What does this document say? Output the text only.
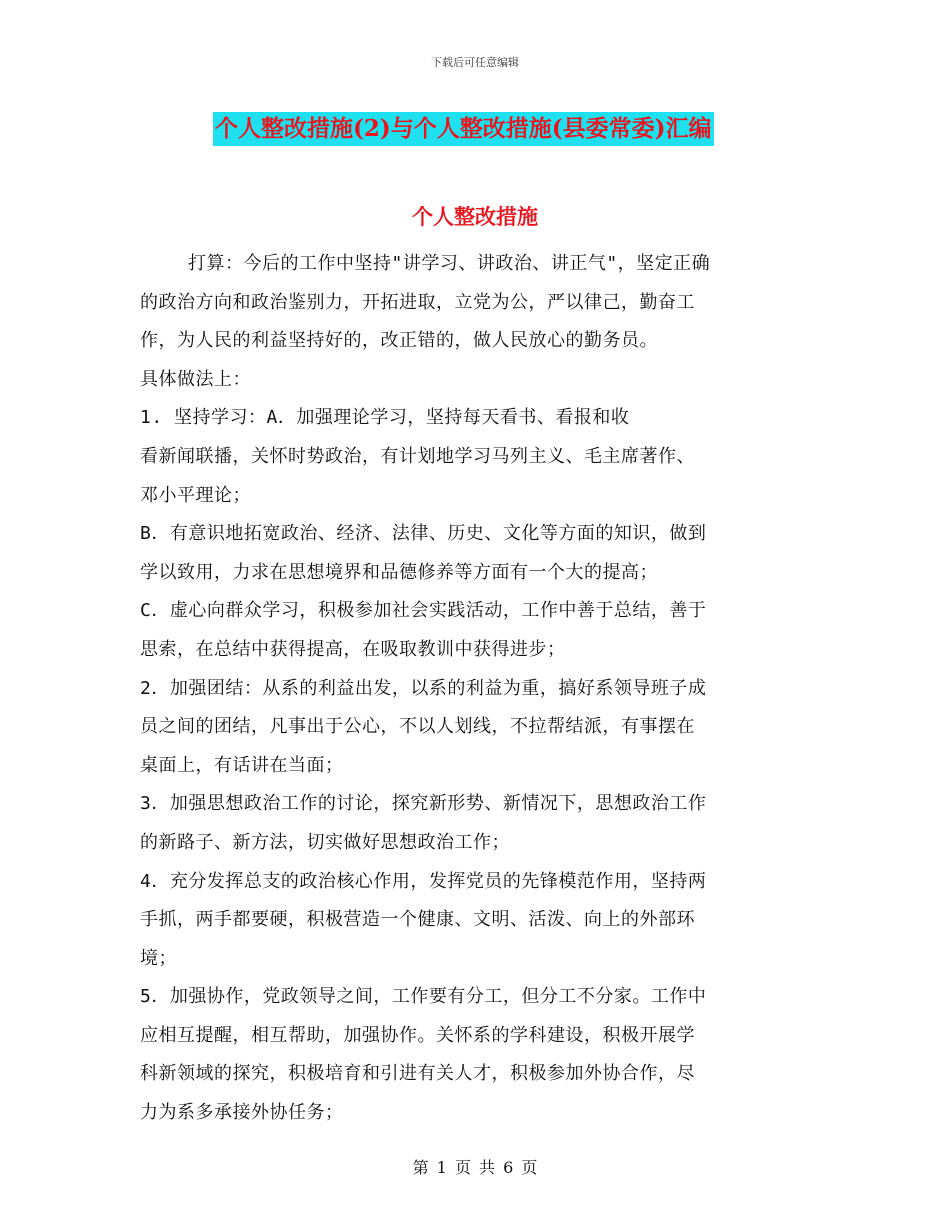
下载后可任意编辑
个人整改措施(2)与个人整改措施(县委常委)汇编
个人整改措施
打算：今后的工作中坚持"讲学习、讲政治、讲正气"，坚定正确
的政治方向和政治鉴别力，开拓进取，立党为公，严以律己，勤奋工
作，为人民的利益坚持好的，改正错的，做人民放心的勤务员。
具体做法上：
1. 坚持学习：A．加强理论学习，坚持每天看书、看报和收
看新闻联播，关怀时势政治，有计划地学习马列主义、毛主席著作、
邓小平理论；
B．有意识地拓宽政治、经济、法律、历史、文化等方面的知识，做到
学以致用，力求在思想境界和品德修养等方面有一个大的提高；
C．虚心向群众学习，积极参加社会实践活动，工作中善于总结，善于
思索，在总结中获得提高，在吸取教训中获得进步；
2．加强团结：从系的利益出发，以系的利益为重，搞好系领导班子成
员之间的团结，凡事出于公心，不以人划线，不拉帮结派，有事摆在
桌面上，有话讲在当面；
3．加强思想政治工作的讨论，探究新形势、新情况下，思想政治工作
的新路子、新方法，切实做好思想政治工作；
4．充分发挥总支的政治核心作用，发挥党员的先锋模范作用，坚持两
手抓，两手都要硬，积极营造一个健康、文明、活泼、向上的外部环
境；
5．加强协作，党政领导之间，工作要有分工，但分工不分家。工作中
应相互提醒，相互帮助，加强协作。关怀系的学科建设，积极开展学
科新领域的探究，积极培育和引进有关人才，积极参加外协合作，尽
力为系多承接外协任务；
第 1 页 共 6 页
